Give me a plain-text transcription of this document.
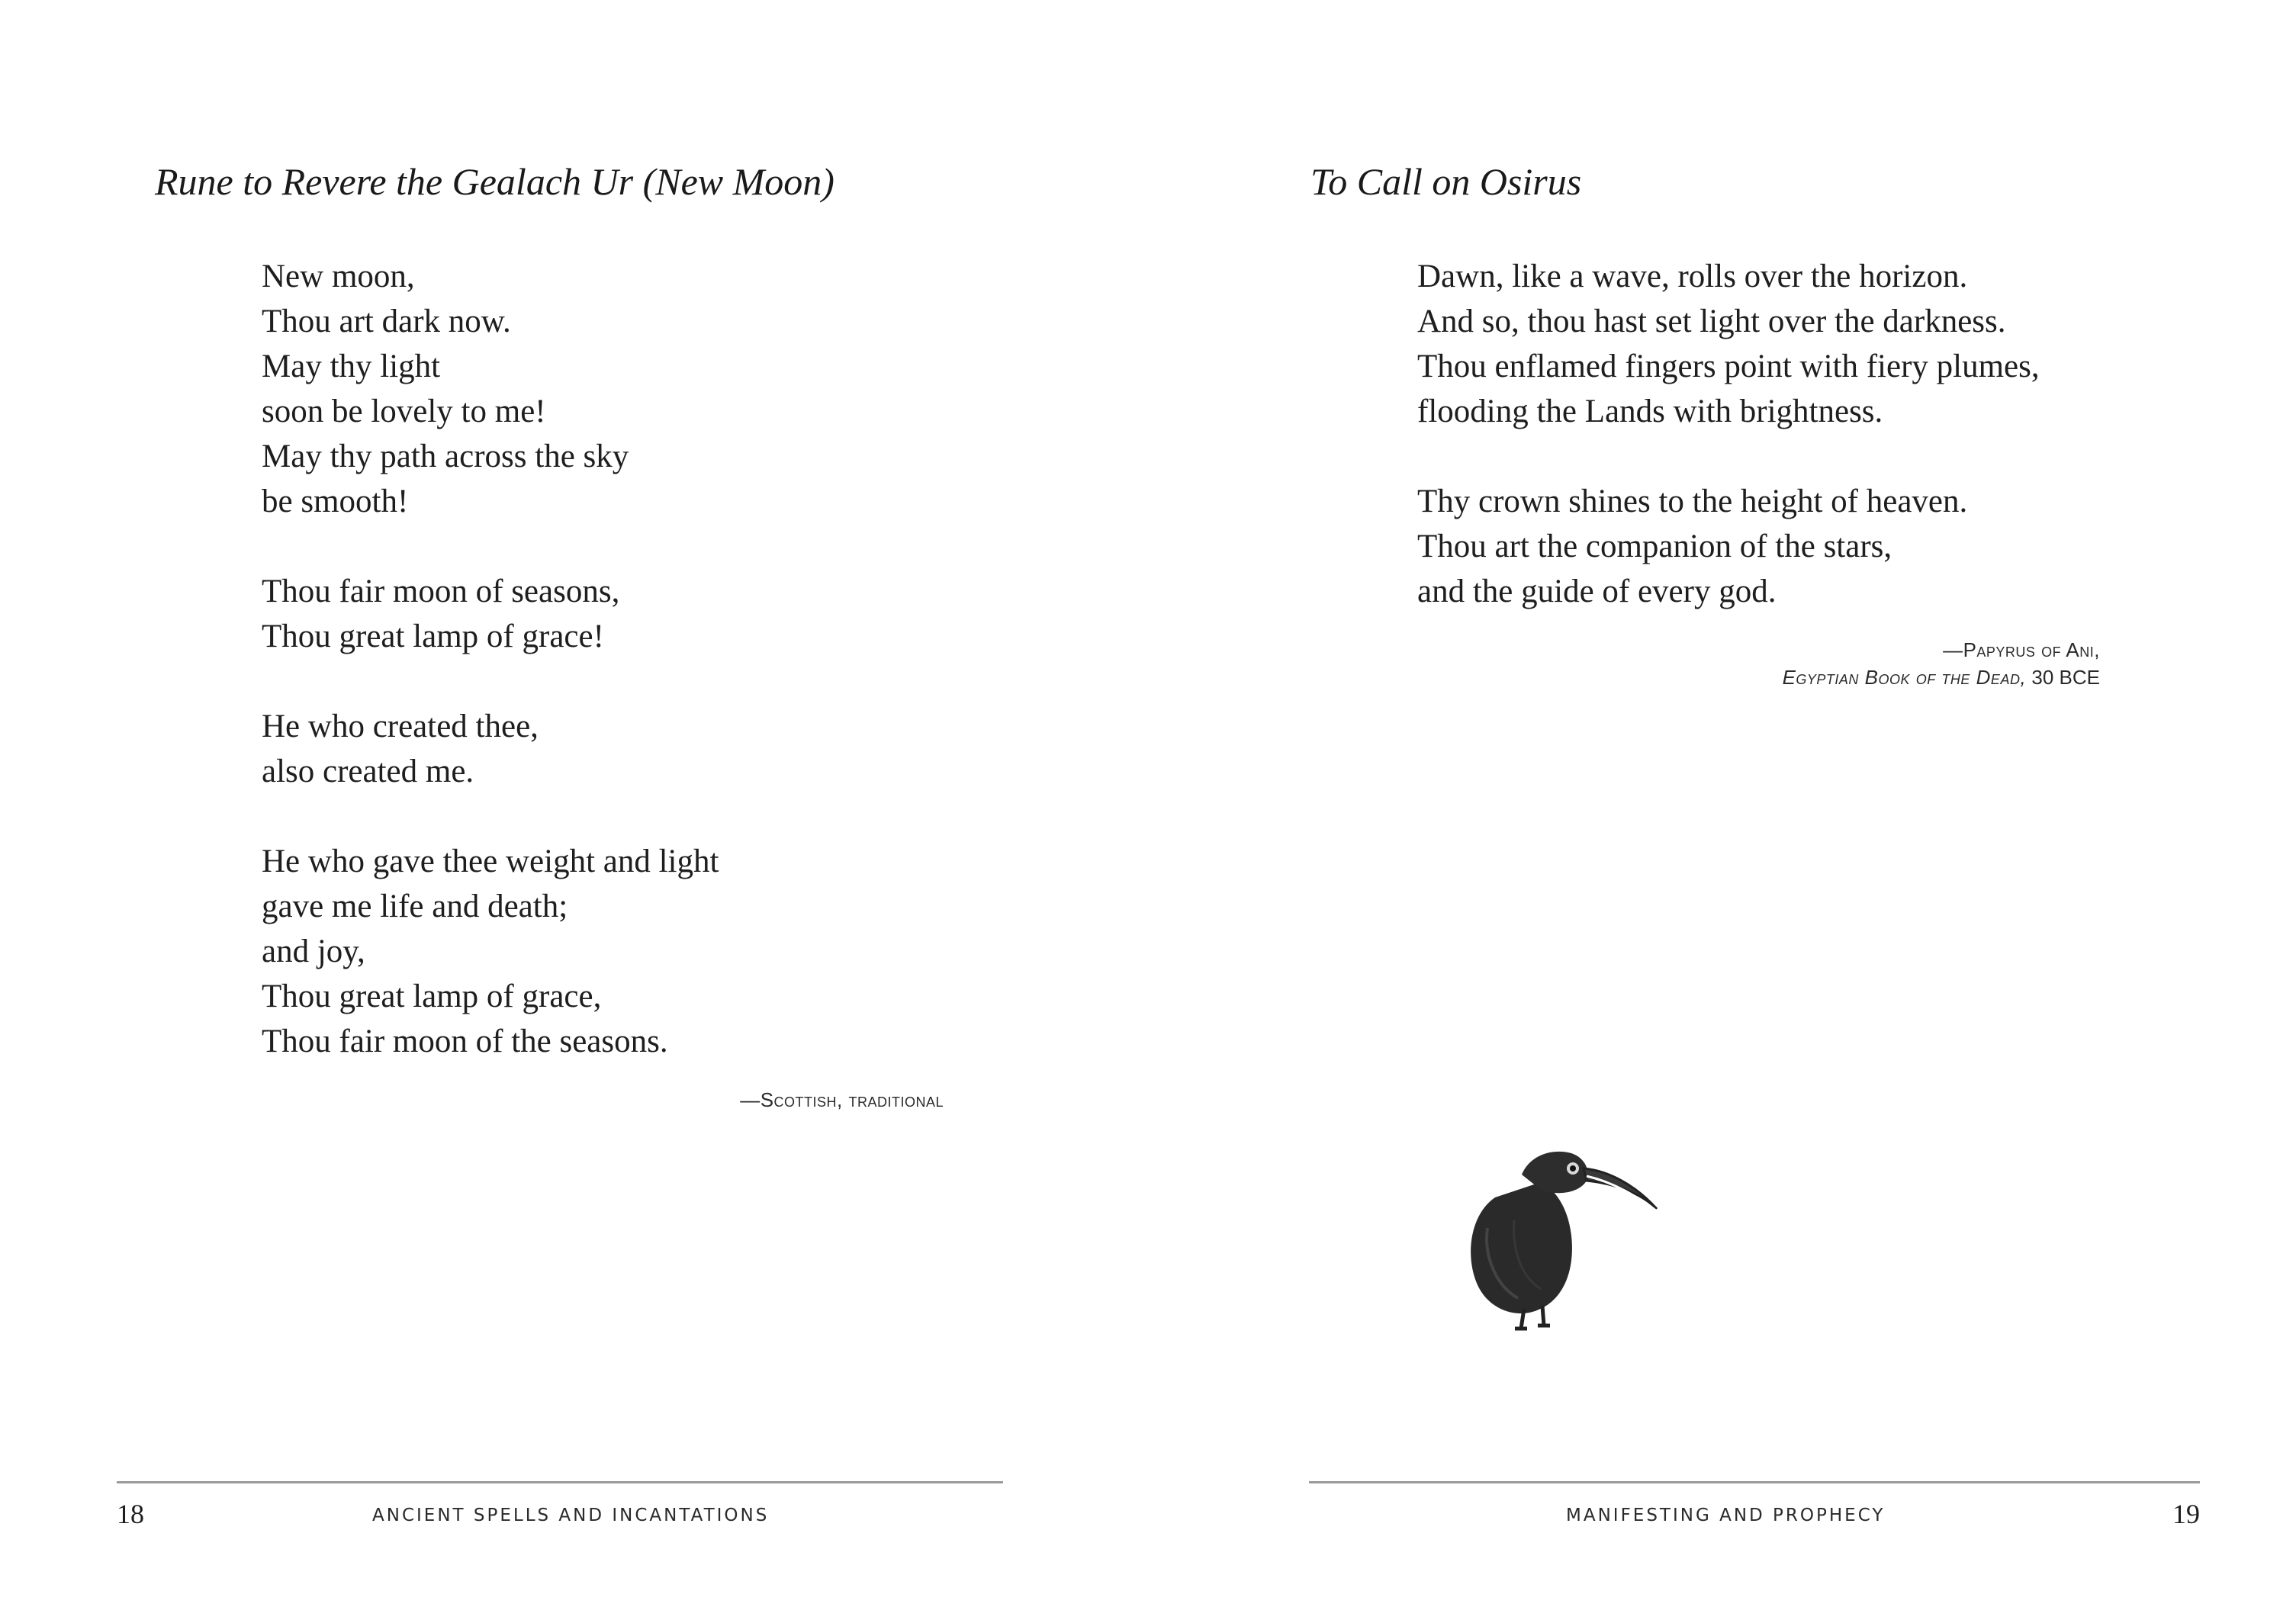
Rune to Revere the Gealach Ur (New Moon)
New moon,
Thou art dark now.
May thy light
soon be lovely to me!
May thy path across the sky
be smooth!
Thou fair moon of seasons,
Thou great lamp of grace!
He who created thee,
also created me.
He who gave thee weight and light
gave me life and death;
and joy,
Thou great lamp of grace,
Thou fair moon of the seasons.
—Scottish, traditional
18	ANCIENT SPELLS AND INCANTATIONS
To Call on Osirus
Dawn, like a wave, rolls over the horizon.
And so, thou hast set light over the darkness.
Thou enflamed fingers point with fiery plumes,
flooding the Lands with brightness.
Thy crown shines to the height of heaven.
Thou art the companion of the stars,
and the guide of every god.
—Papyrus of Ani,
Egyptian Book of the Dead, 30 BCE
MANIFESTING AND PROPHECY	19
